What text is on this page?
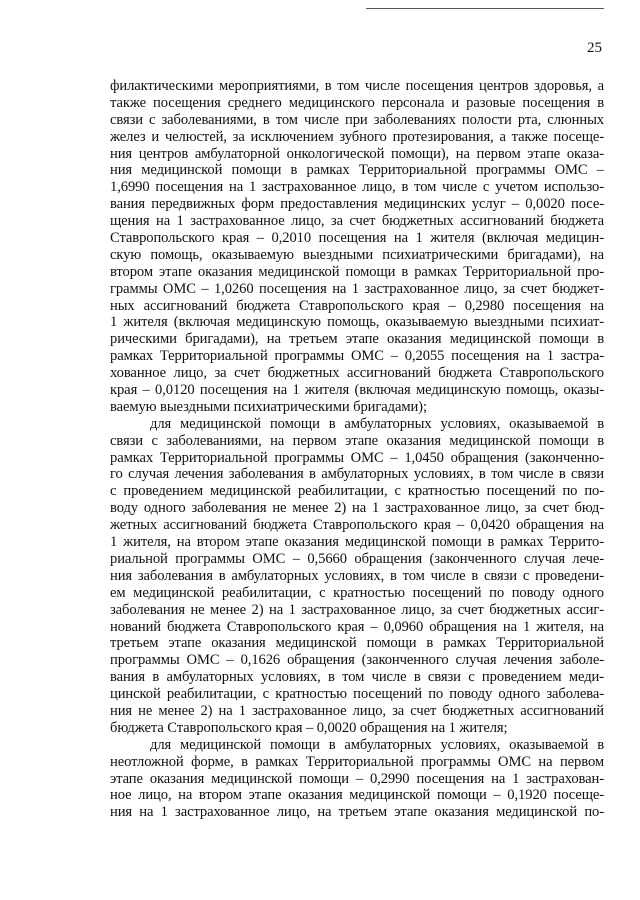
25
филактическими мероприятиями, в том числе посещения центров здоровья, а
также посещения среднего медицинского персонала и разовые посещения в
связи с заболеваниями, в том числе при заболеваниях полости рта, слюнных
желез и челюстей, за исключением зубного протезирования, а также посеще-
ния центров амбулаторной онкологической помощи), на первом этапе оказа-
ния медицинской помощи в рамках Территориальной программы ОМС –
1,6990 посещения на 1 застрахованное лицо, в том числе с учетом использо-
вания передвижных форм предоставления медицинских услуг – 0,0020 посе-
щения на 1 застрахованное лицо, за счет бюджетных ассигнований бюджета
Ставропольского края – 0,2010 посещения на 1 жителя (включая медицин-
скую помощь, оказываемую выездными психиатрическими бригадами), на
втором этапе оказания медицинской помощи в рамках Территориальной про-
граммы ОМС – 1,0260 посещения на 1 застрахованное лицо, за счет бюджет-
ных ассигнований бюджета Ставропольского края – 0,2980 посещения на
1 жителя (включая медицинскую помощь, оказываемую выездными психиат-
рическими бригадами), на третьем этапе оказания медицинской помощи в
рамках Территориальной программы ОМС – 0,2055 посещения на 1 застра-
хованное лицо, за счет бюджетных ассигнований бюджета Ставропольского
края – 0,0120 посещения на 1 жителя (включая медицинскую помощь, оказы-
ваемую выездными психиатрическими бригадами);
для медицинской помощи в амбулаторных условиях, оказываемой в
связи с заболеваниями, на первом этапе оказания медицинской помощи в
рамках Территориальной программы ОМС – 1,0450 обращения (законченно-
го случая лечения заболевания в амбулаторных условиях, в том числе в связи
с проведением медицинской реабилитации, с кратностью посещений по по-
воду одного заболевания не менее 2) на 1 застрахованное лицо, за счет бюд-
жетных ассигнований бюджета Ставропольского края – 0,0420 обращения на
1 жителя, на втором этапе оказания медицинской помощи в рамках Террито-
риальной программы ОМС – 0,5660 обращения (законченного случая лече-
ния заболевания в амбулаторных условиях, в том числе в связи с проведени-
ем медицинской реабилитации, с кратностью посещений по поводу одного
заболевания не менее 2) на 1 застрахованное лицо, за счет бюджетных ассиг-
нований бюджета Ставропольского края – 0,0960 обращения на 1 жителя, на
третьем этапе оказания медицинской помощи в рамках Территориальной
программы ОМС – 0,1626 обращения (законченного случая лечения заболе-
вания в амбулаторных условиях, в том числе в связи с проведением меди-
цинской реабилитации, с кратностью посещений по поводу одного заболева-
ния не менее 2) на 1 застрахованное лицо, за счет бюджетных ассигнований
бюджета Ставропольского края – 0,0020 обращения на 1 жителя;
для медицинской помощи в амбулаторных условиях, оказываемой в
неотложной форме, в рамках Территориальной программы ОМС на первом
этапе оказания медицинской помощи – 0,2990 посещения на 1 застрахован-
ное лицо, на втором этапе оказания медицинской помощи – 0,1920 посеще-
ния на 1 застрахованное лицо, на третьем этапе оказания медицинской по-
